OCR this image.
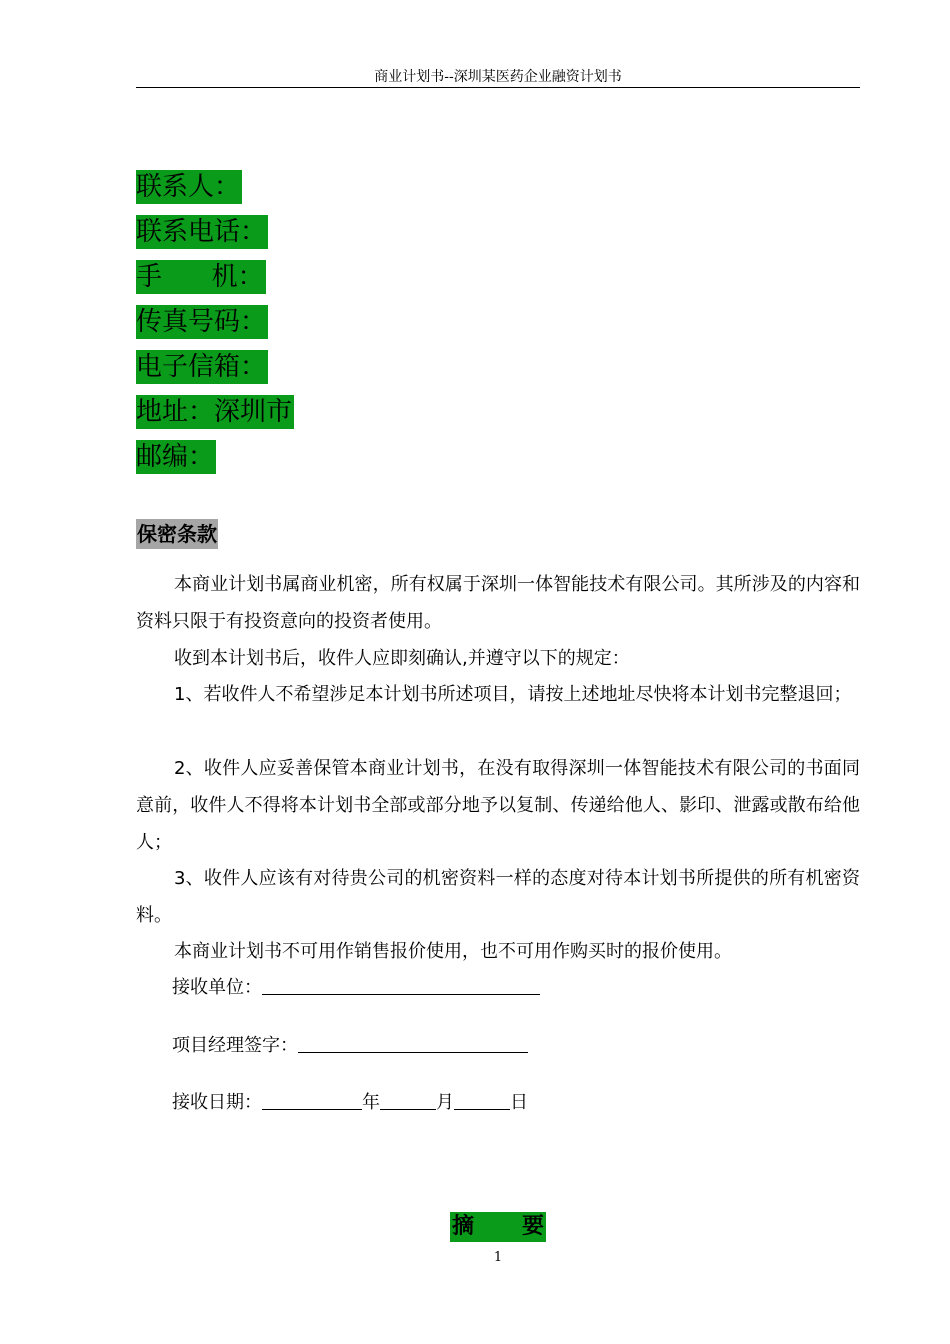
商业计划书--深圳某医药企业融资计划书
联系人：
联系电话：
手      机：
传真号码：
电子信箱：
地址：深圳市
邮编：
保密条款
本商业计划书属商业机密，所有权属于深圳一体智能技术有限公司。其所涉及的内容和资料只限于有投资意向的投资者使用。
收到本计划书后，收件人应即刻确认,并遵守以下的规定：
1、若收件人不希望涉足本计划书所述项目，请按上述地址尽快将本计划书完整退回；
2、收件人应妥善保管本商业计划书，在没有取得深圳一体智能技术有限公司的书面同意前，收件人不得将本计划书全部或部分地予以复制、传递给他人、影印、泄露或散布给他人；
3、收件人应该有对待贵公司的机密资料一样的态度对待本计划书所提供的所有机密资料。
本商业计划书不可用作销售报价使用，也不可用作购买时的报价使用。
接收单位：
项目经理签字：
接收日期：	年	月	日
摘 要
1
